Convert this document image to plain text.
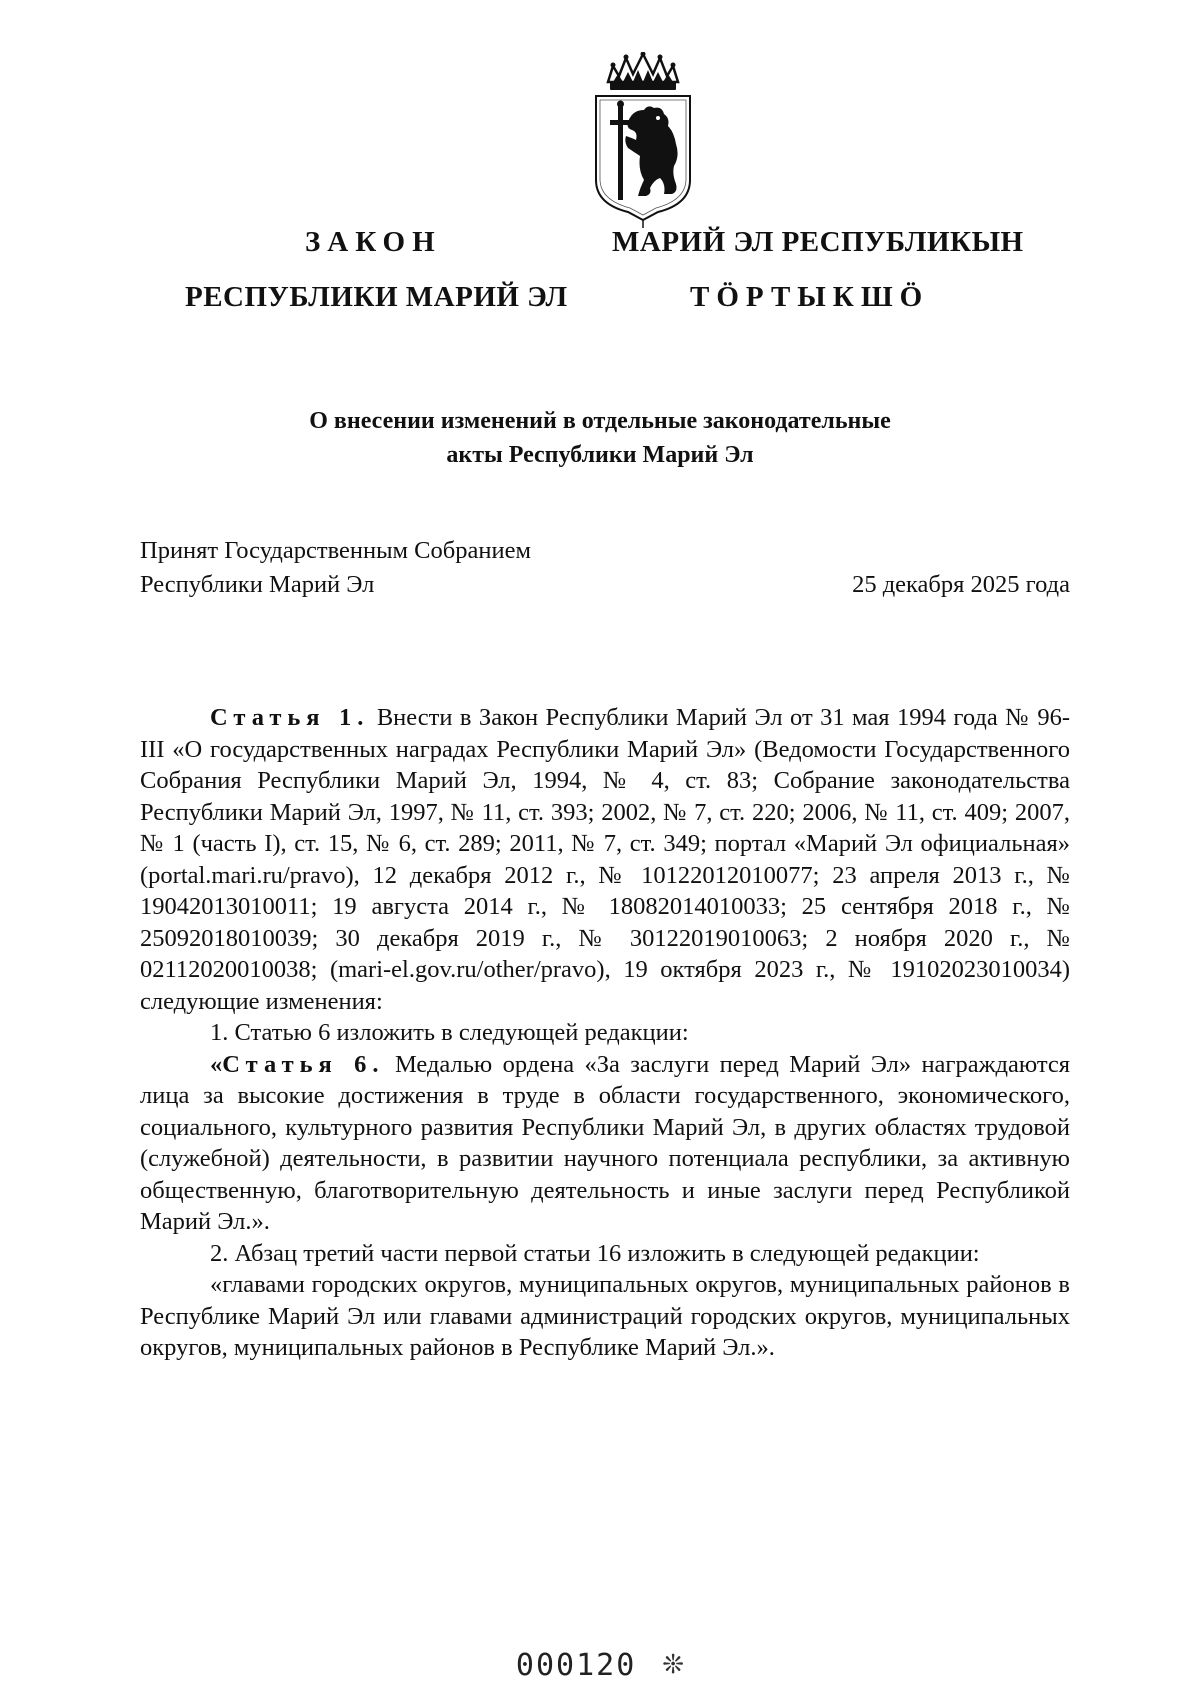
ЗАКОН
РЕСПУБЛИКИ МАРИЙ ЭЛ
МАРИЙ ЭЛ РЕСПУБЛИКЫН
ТӦРТЫКШӦ
О внесении изменений в отдельные законодательные
акты Республики Марий Эл
Принят Государственным Собранием
Республики Марий Эл	25 декабря 2025 года

Статья 1. Внести в Закон Республики Марий Эл от 31 мая 1994 года № 96-III «О государственных наградах Республики Марий Эл» (Ведомости Государственного Собрания Республики Марий Эл, 1994, № 4, ст. 83; Собрание законодательства Республики Марий Эл, 1997, № 11, ст. 393; 2002, № 7, ст. 220; 2006, № 11, ст. 409; 2007, № 1 (часть I), ст. 15, № 6, ст. 289; 2011, № 7, ст. 349; портал «Марий Эл официальная» (portal.mari.ru/pravo), 12 декабря 2012 г., № 10122012010077; 23 апреля 2013 г., № 19042013010011; 19 августа 2014 г., № 18082014010033; 25 сентября 2018 г., № 25092018010039; 30 декабря 2019 г., № 30122019010063; 2 ноября 2020 г., № 02112020010038; (mari-el.gov.ru/other/pravo), 19 октября 2023 г., № 19102023010034) следующие изменения:

1. Статью 6 изложить в следующей редакции:

«Статья 6. Медалью ордена «За заслуги перед Марий Эл» награждаются лица за высокие достижения в труде в области государственного, экономического, социального, культурного развития Республики Марий Эл, в других областях трудовой (служебной) деятельности, в развитии научного потенциала республики, за активную общественную, благотворительную деятельность и иные заслуги перед Республикой Марий Эл.».

2. Абзац третий части первой статьи 16 изложить в следующей редакции:

«главами городских округов, муниципальных округов, муниципальных районов в Республике Марий Эл или главами администраций городских округов, муниципальных округов, муниципальных районов в Республике Марий Эл.».

000120 ❊
